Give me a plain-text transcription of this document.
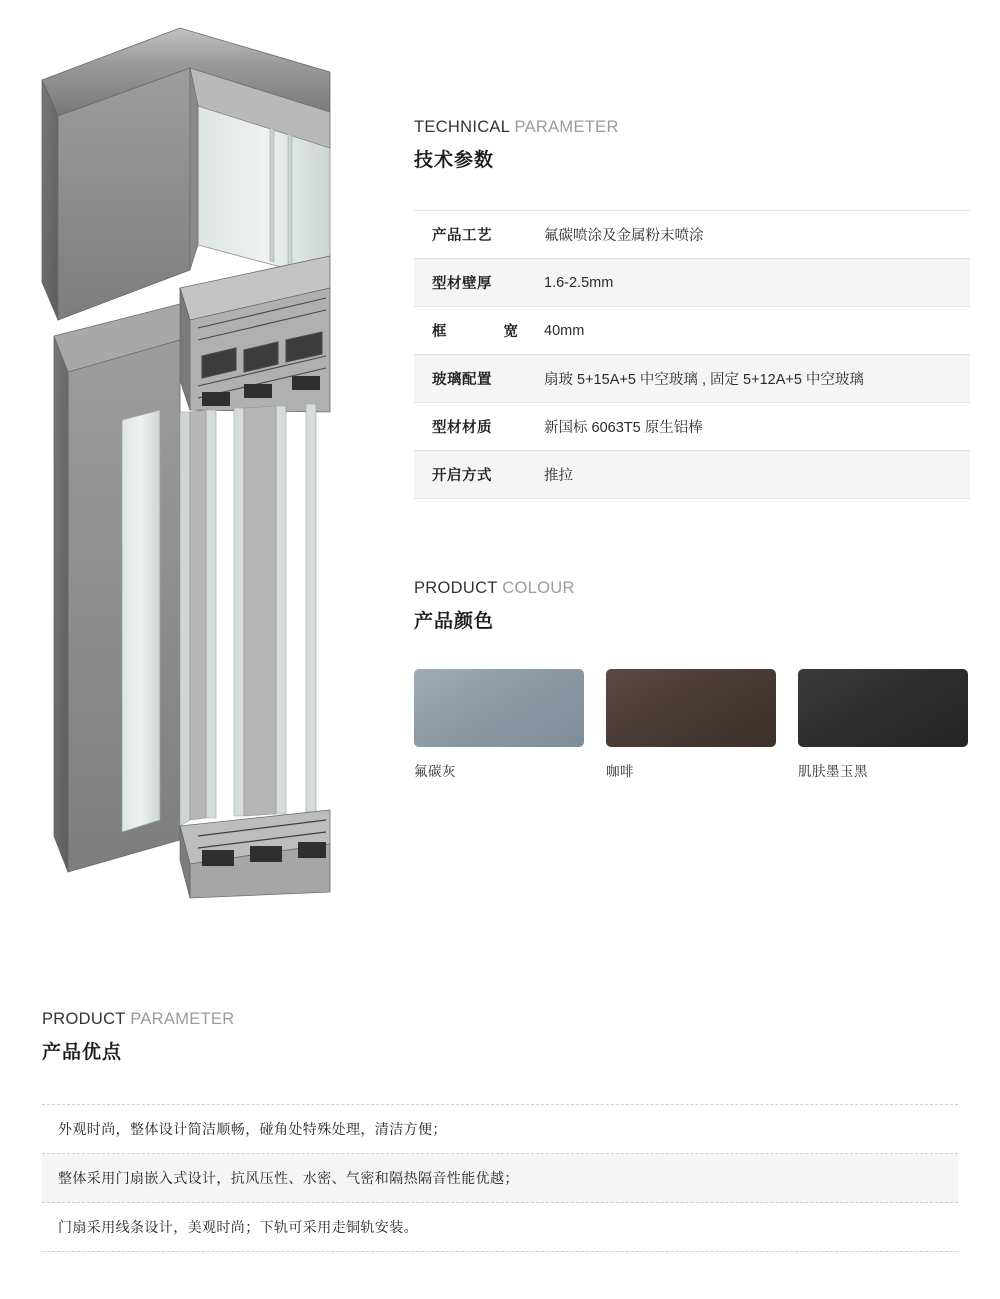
TECHNICAL PARAMETER
技术参数
产品工艺	氟碳喷涂及金属粉末喷涂
型材壁厚	1.6-2.5mm
框 宽	40mm
玻璃配置	扇玻 5+15A+5 中空玻璃 , 固定 5+12A+5 中空玻璃
型材材质	新国标 6063T5 原生铝棒
开启方式	推拉
PRODUCT COLOUR
产品颜色
氟碳灰	咖啡	肌肤墨玉黑
PRODUCT PARAMETER
产品优点
外观时尚，整体设计简洁顺畅，碰角处特殊处理，清洁方便；
整体采用门扇嵌入式设计，抗风压性、水密、气密和隔热隔音性能优越；
门扇采用线条设计，美观时尚；下轨可采用走铜轨安装。
